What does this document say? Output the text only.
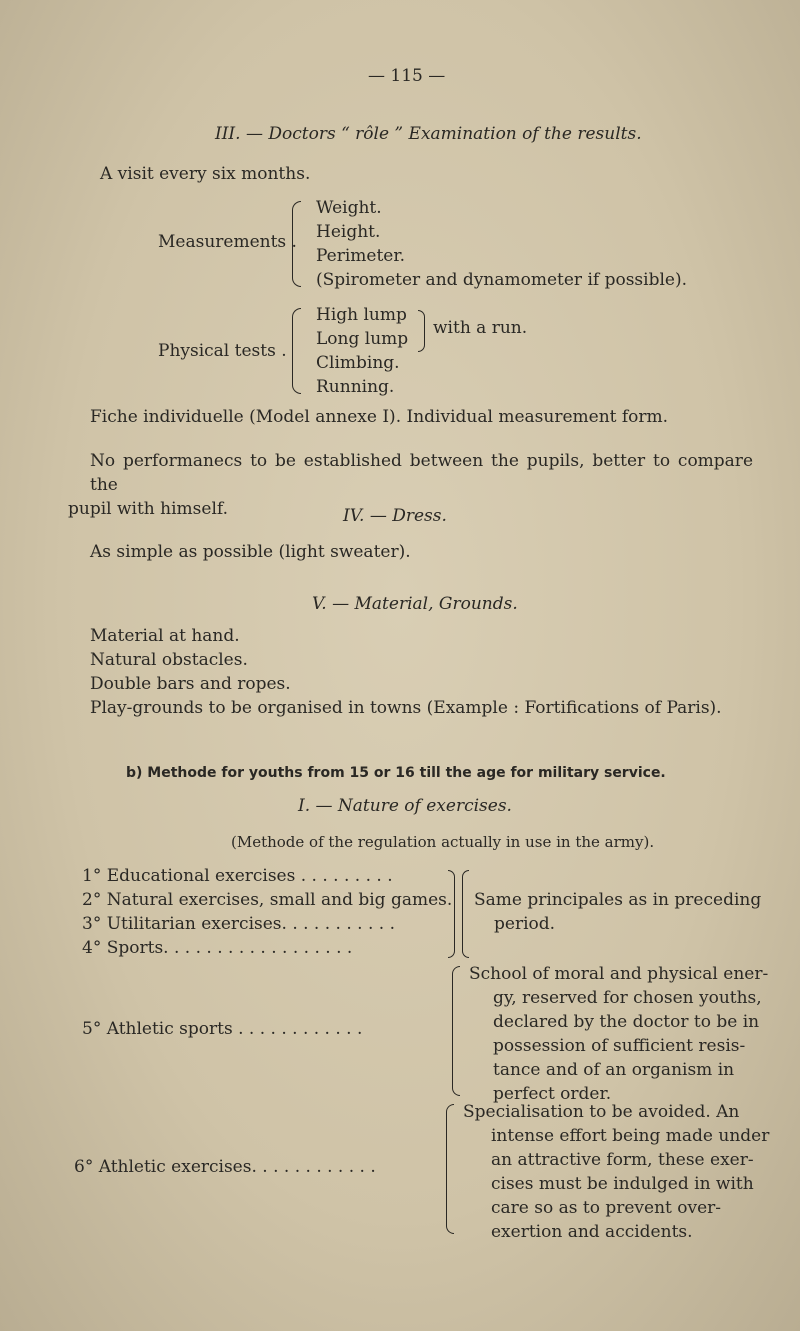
— 115 —
III. — Doctors “ rôle ” Examination of the results.
A visit every six months.
Measurements .
Weight.
Height.
Perimeter.
(Spirometer and dynamometer if possible).
Physical tests .
High lump
Long lump
Climbing.
Running.
with a run.
Fiche individuelle (Model annexe I). Individual measurement form.
No performanecs to be established between the pupils, better to compare the
pupil with himself.	IV. — Dress.
As simple as possible (light sweater).
V. — Material, Grounds.
Material at hand.
Natural obstacles.
Double bars and ropes.
Play-grounds to be organised in towns (Example : Fortifications of Paris).
b) Methode for youths from 15 or 16 till the age for military service.
I. — Nature of exercises.
(Methode of the regulation actually in use in the army).
1° Educational exercises . . . . . . . . .
2° Natural exercises, small and big games.
3° Utilitarian exercises. . . . . . . . . . .
4° Sports. . . . . . . . . . . . . . . . . .
Same principales as in preceding
period.
5° Athletic sports . . . . . . . . . . . .
School of moral and physical ener-
gy, reserved for chosen youths,
declared by the doctor to be in
possession of sufficient resis-
tance and of an organism in
perfect order.
6° Athletic exercises. . . . . . . . . . . .
Specialisation to be avoided. An
intense effort being made under
an attractive form, these exer-
cises must be indulged in with
care so as to prevent over-
exertion and accidents.
